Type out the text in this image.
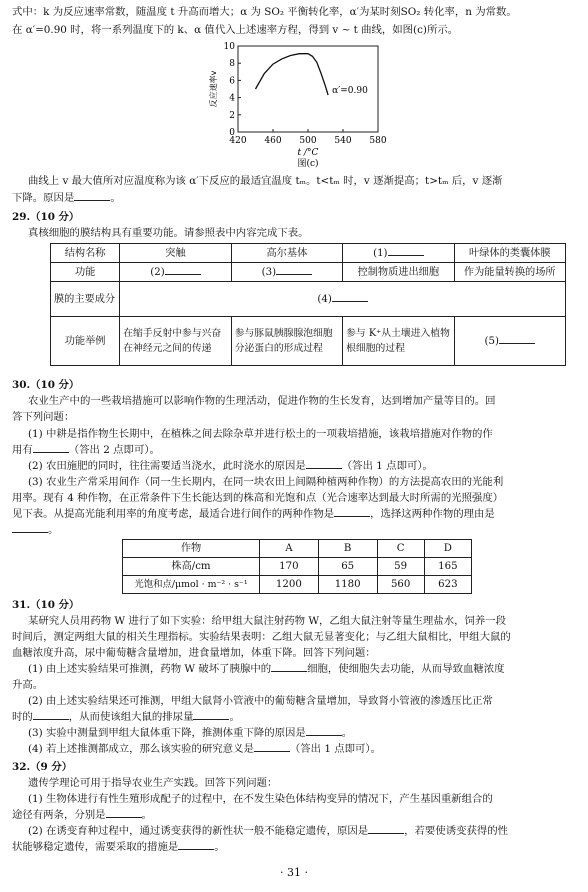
式中：k 为反应速率常数，随温度 t 升高而增大；α 为 SO₂ 平衡转化率，α′为某时刻SO₂ 转化率，n 为常数。
在 α′=0.90 时，将一系列温度下的 k、α 值代入上述速率方程，得到 v ~ t 曲线，如图(c)所示。
0
2
4
6
8
10
420 460 500 540 580
t /°C
反应速率v
图(c)
α′=0.90
曲线上 v 最大值所对应温度称为该 α′下反应的最适宜温度 tₘ。t<tₘ 时，v 逐渐提高；t>tₘ 后，v 逐渐
下降。原因是	。
29.（10 分）
真核细胞的膜结构具有重要功能。请参照表中内容完成下表。
结构名称	突触	高尔基体	(1)	叶绿体的类囊体膜
功能	(2)	(3)	控制物质进出细胞	作为能量转换的场所
膜的主要成分	(4)			
功能举例	在缩手反射中参与兴奋在神经元之间的传递	参与豚鼠胰腺腺泡细胞分泌蛋白的形成过程	参与 K⁺从土壤进入植物根细胞的过程	(5)
30.（10 分）
农业生产中的一些栽培措施可以影响作物的生理活动，促进作物的生长发育，达到增加产量等目的。回
答下列问题：
(1) 中耕是指作物生长期中，在植株之间去除杂草并进行松土的一项栽培措施，该栽培措施对作物的作
用有	（答出 2 点即可）。
(2) 农田施肥的同时，往往需要适当浇水，此时浇水的原因是	（答出 1 点即可）。
(3) 农业生产常采用间作（同一生长期内，在同一块农田上间隔种植两种作物）的方法提高农田的光能利
用率。现有 4 种作物，在正常条件下生长能达到的株高和光饱和点（光合速率达到最大时所需的光照强度）
见下表。从提高光能利用率的角度考虑，最适合进行间作的两种作物是	，选择这两种作物的理由是
。
作物	A	B	C	D
株高/cm	170	65	59	165
光饱和点/μmol · m⁻² · s⁻¹	1200	1180	560	623
31.（10 分）
某研究人员用药物 W 进行了如下实验：给甲组大鼠注射药物 W，乙组大鼠注射等量生理盐水，饲养一段
时间后，测定两组大鼠的相关生理指标。实验结果表明：乙组大鼠无显著变化；与乙组大鼠相比，甲组大鼠的
血糖浓度升高，尿中葡萄糖含量增加，进食量增加，体重下降。回答下列问题：
(1) 由上述实验结果可推测，药物 W 破坏了胰腺中的	细胞，使细胞失去功能，从而导致血糖浓度
升高。
(2) 由上述实验结果还可推测，甲组大鼠肾小管液中的葡萄糖含量增加，导致肾小管液的渗透压比正常
时的	，从而使该组大鼠的排尿量	。
(3) 实验中测量到甲组大鼠体重下降，推测体重下降的原因是	。
(4) 若上述推测都成立，那么该实验的研究意义是	（答出 1 点即可）。
32.（9 分）
遗传学理论可用于指导农业生产实践。回答下列问题：
(1) 生物体进行有性生殖形成配子的过程中，在不发生染色体结构变异的情况下，产生基因重新组合的
途径有两条，分别是	。
(2) 在诱变育种过程中，通过诱变获得的新性状一般不能稳定遗传，原因是	，若要使诱变获得的性
状能够稳定遗传，需要采取的措施是	。
· 31 ·
